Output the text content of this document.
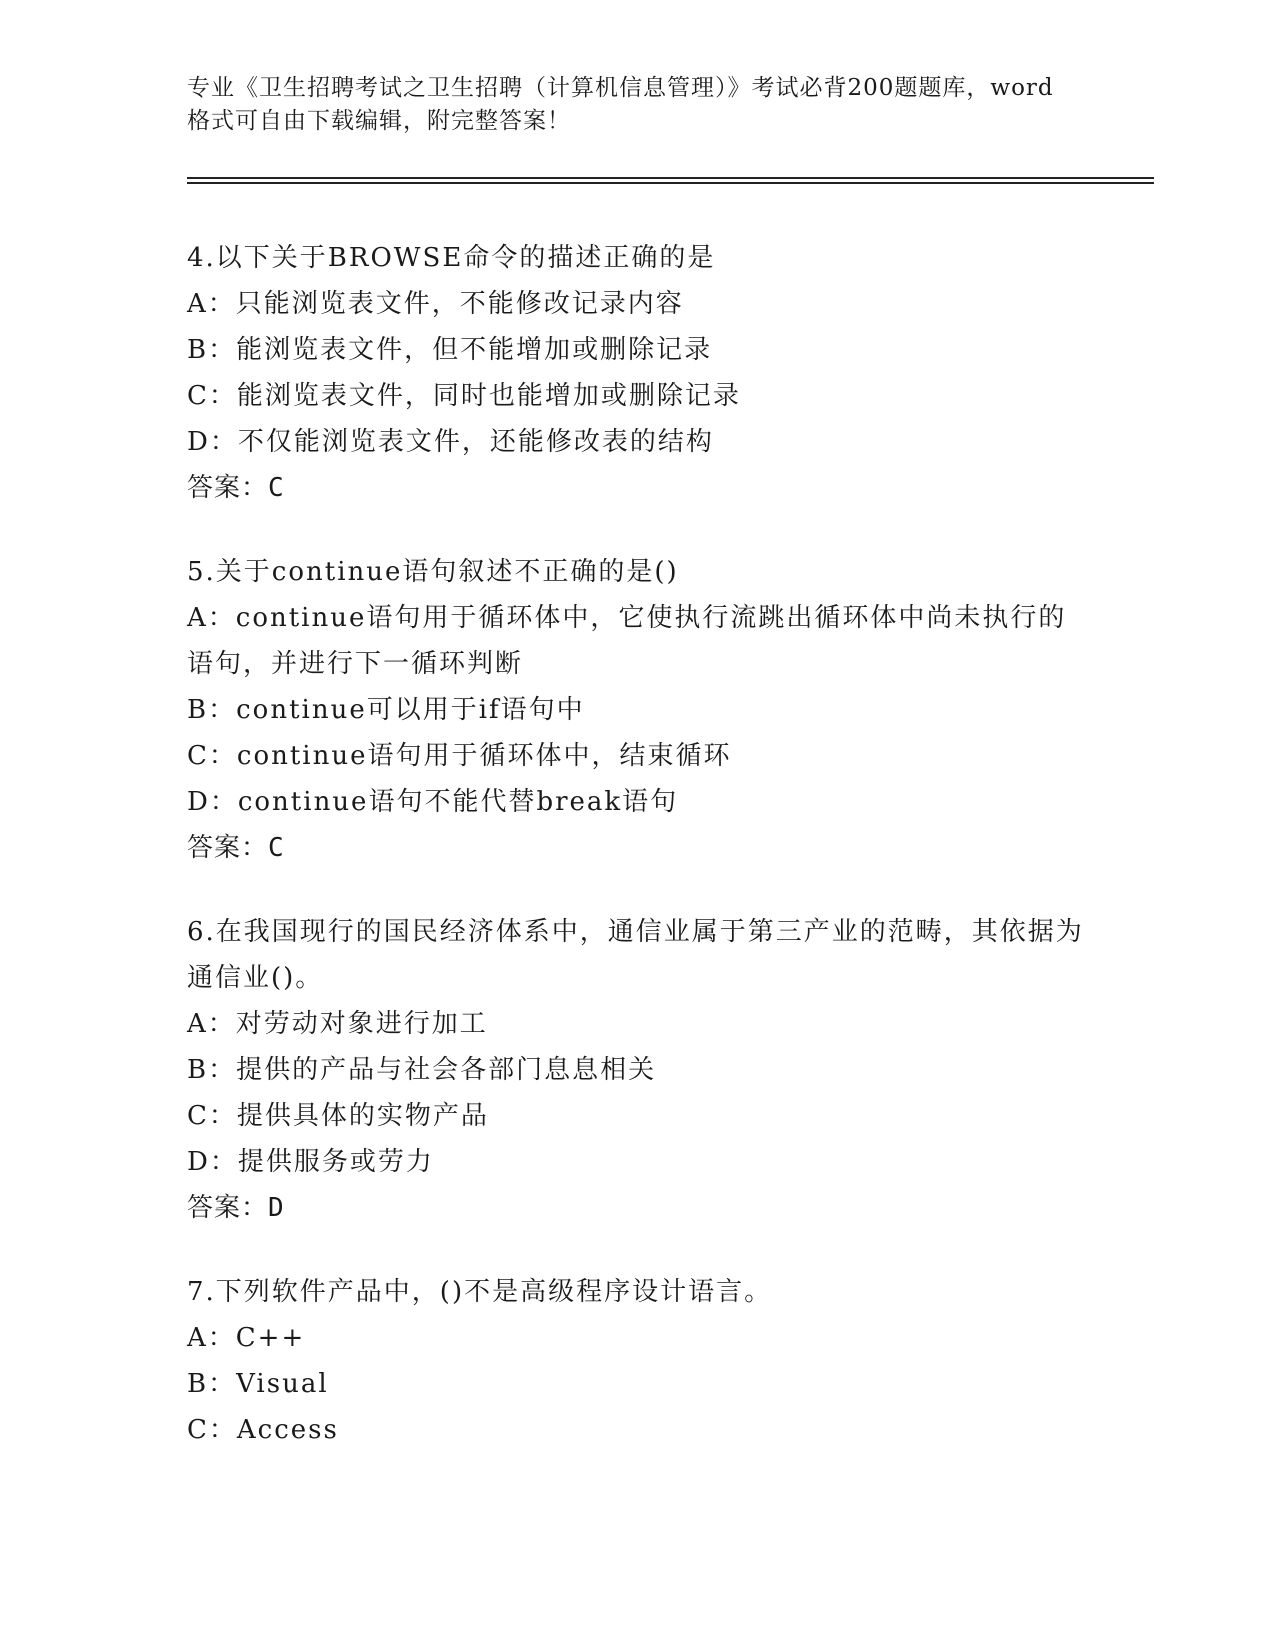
专业《卫生招聘考试之卫生招聘（计算机信息管理）》考试必背200题题库，word
格式可自由下载编辑，附完整答案！
4.以下关于BROWSE命令的描述正确的是
A：只能浏览表文件，不能修改记录内容
B：能浏览表文件，但不能增加或删除记录
C：能浏览表文件，同时也能增加或删除记录
D：不仅能浏览表文件，还能修改表的结构
答案：C
5.关于continue语句叙述不正确的是()
A：continue语句用于循环体中，它使执行流跳出循环体中尚未执行的语句，并进行下一循环判断
B：continue可以用于if语句中
C：continue语句用于循环体中，结束循环
D：continue语句不能代替break语句
答案：C
6.在我国现行的国民经济体系中，通信业属于第三产业的范畴，其依据为通信业()。
A：对劳动对象进行加工
B：提供的产品与社会各部门息息相关
C：提供具体的实物产品
D：提供服务或劳力
答案：D
7.下列软件产品中，()不是高级程序设计语言。
A：C++
B：Visual
C：Access
